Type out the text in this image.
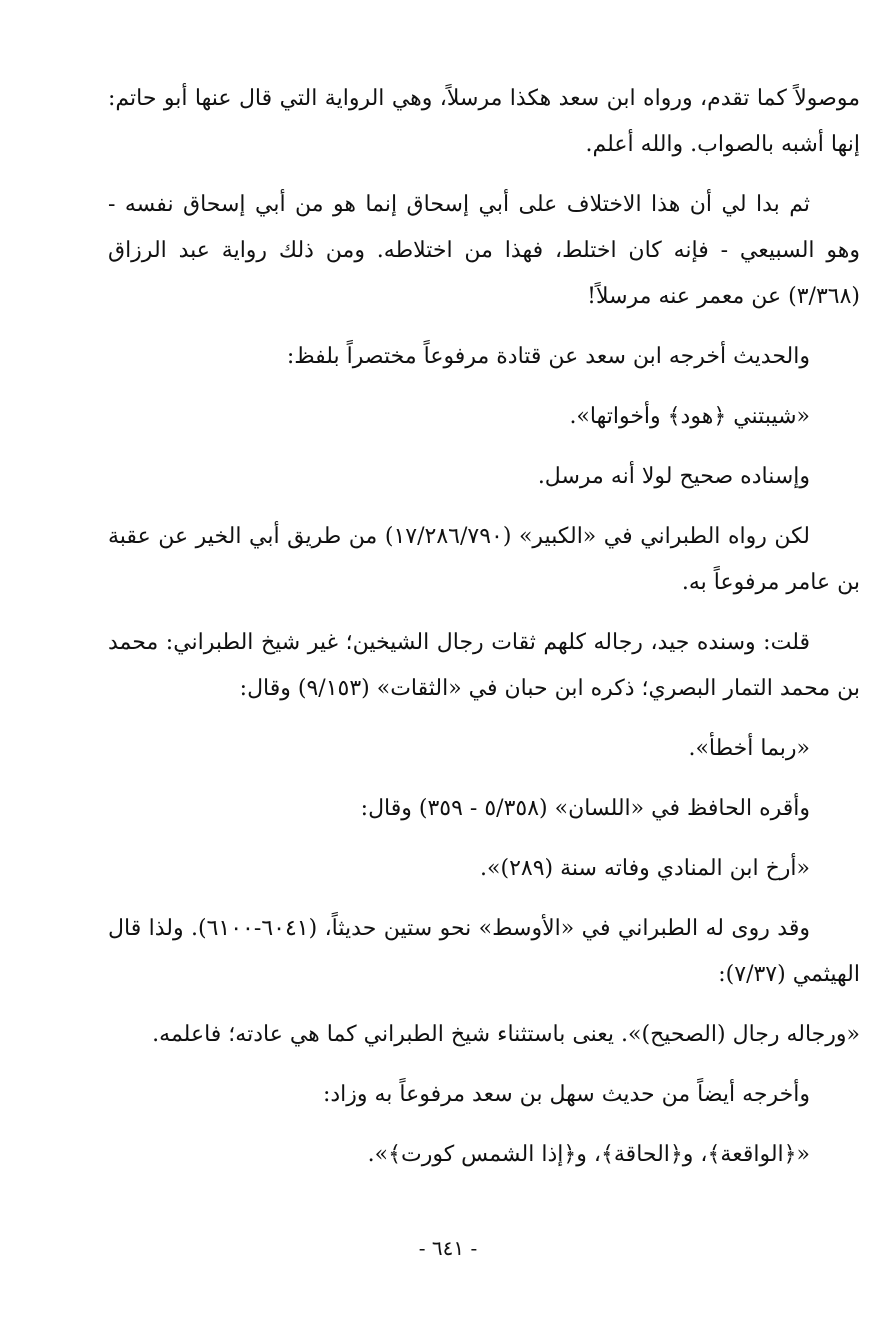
موصولاً كما تقدم، ورواه ابن سعد هكذا مرسلاً، وهي الرواية التي قال عنها أبو حاتم: إنها أشبه بالصواب. والله أعلم.

ثم بدا لي أن هذا الاختلاف على أبي إسحاق إنما هو من أبي إسحاق نفسه - وهو السبيعي - فإنه كان اختلط، فهذا من اختلاطه. ومن ذلك رواية عبد الرزاق (٣/٣٦٨) عن معمر عنه مرسلاً!

والحديث أخرجه ابن سعد عن قتادة مرفوعاً مختصراً بلفظ:

«شيبتني ﴿هود﴾ وأخواتها».

وإسناده صحيح لولا أنه مرسل.

لكن رواه الطبراني في «الكبير» (١٧/٢٨٦/٧٩٠) من طريق أبي الخير عن عقبة بن عامر مرفوعاً به.

قلت: وسنده جيد، رجاله كلهم ثقات رجال الشيخين؛ غير شيخ الطبراني: محمد بن محمد التمار البصري؛ ذكره ابن حبان في «الثقات» (٩/١٥٣) وقال:

«ربما أخطأ».

وأقره الحافظ في «اللسان» (٥/٣٥٨ - ٣٥٩) وقال:

«أرخ ابن المنادي وفاته سنة (٢٨٩)».

وقد روى له الطبراني في «الأوسط» نحو ستين حديثاً، (٦٠٤١-٦١٠٠). ولذا قال الهيثمي (٧/٣٧):

«ورجاله رجال (الصحيح)». يعنى باستثناء شيخ الطبراني كما هي عادته؛ فاعلمه.

وأخرجه أيضاً من حديث سهل بن سعد مرفوعاً به وزاد:

«﴿الواقعة﴾، و﴿الحاقة﴾، و﴿إذا الشمس كورت﴾».

- ٦٤١ -
